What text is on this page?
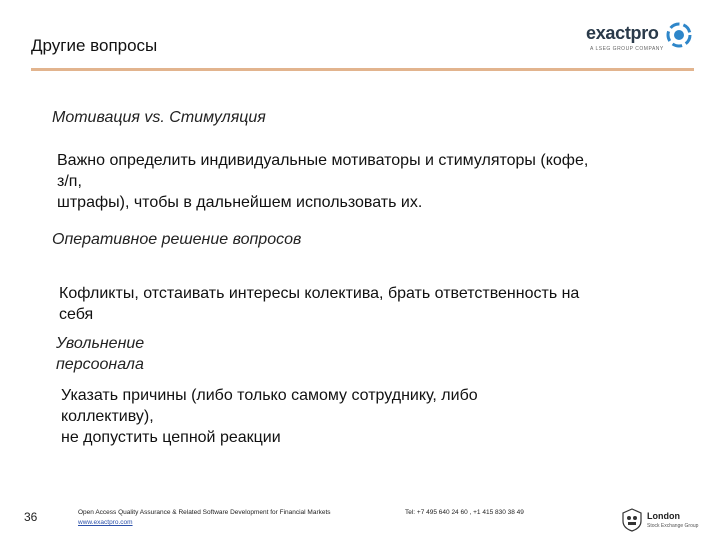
Другие вопросы
exactpro
A LSEG GROUP COMPANY
Мотивация vs. Стимуляция
Важно определить индивидуальные мотиваторы и стимуляторы (кофе,
з/п,
штрафы), чтобы в дальнейшем использовать их.
Оперативное решение вопросов
Кофликты, отстаивать интересы колектива, брать ответственность на
себя
Увольнение
персоонала
Указать причины (либо только самому сотруднику, либо
коллективу),
не допустить цепной реакции
36	Open Access Quality Assurance & Related Software Development for Financial Markets
www.exactpro.com
Tel: +7 495 640 24 60 , +1 415 830 38 49	London
Stock Exchange Group
